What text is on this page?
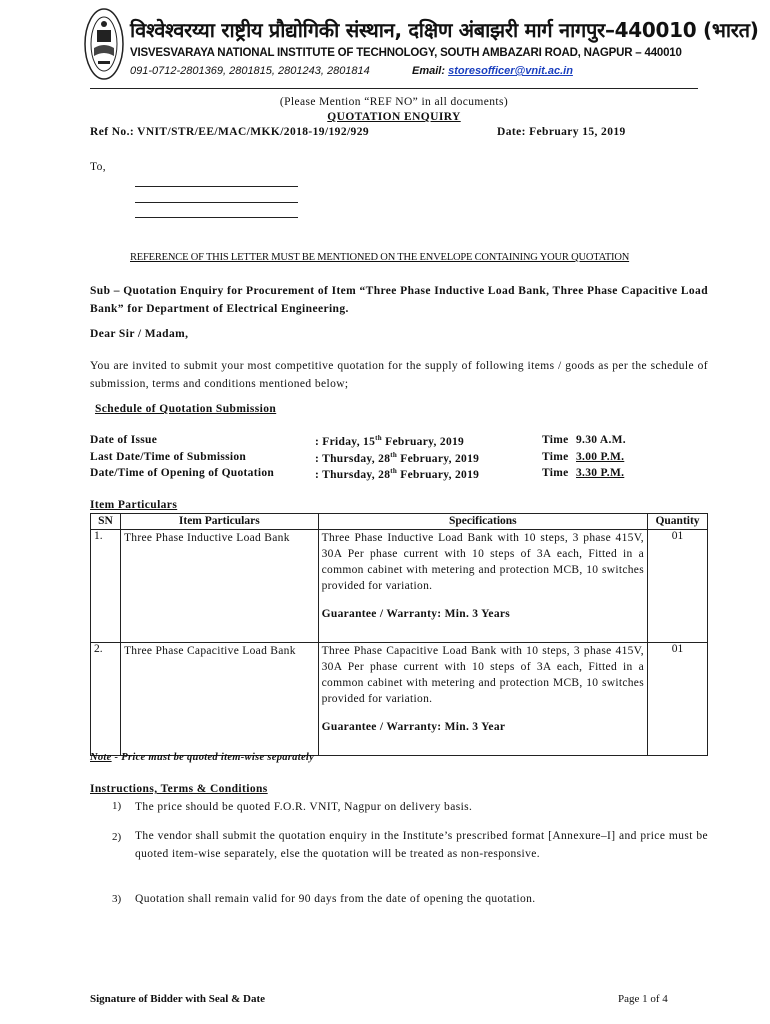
विश्वेश्वरय्या राष्ट्रीय प्रौद्योगिकी संस्थान, दक्षिण अंबाझरी मार्ग नागपुर–440010 (भारत)
VISVESVARAYA NATIONAL INSTITUTE OF TECHNOLOGY, SOUTH AMBAZARI ROAD, NAGPUR – 440010
091-0712-2801369, 2801815, 2801243, 2801814	Email: storesofficer@vnit.ac.in
(Please Mention “REF NO” in all documents)
QUOTATION ENQUIRY
Ref No.: VNIT/STR/EE/MAC/MKK/2018-19/192/929	Date: February 15, 2019
To,
REFERENCE OF THIS LETTER MUST BE MENTIONED ON THE ENVELOPE CONTAINING YOUR QUOTATION
Sub – Quotation Enquiry for Procurement of Item “Three Phase Inductive Load Bank, Three Phase Capacitive Load Bank” for Department of Electrical Engineering.
Dear Sir / Madam,
You are invited to submit your most competitive quotation for the supply of following items / goods as per the schedule of submission, terms and conditions mentioned below;
Schedule of Quotation Submission
Date of Issue	: Friday, 15th February, 2019	Time 9.30 A.M.
Last Date/Time of Submission	: Thursday, 28th February, 2019	Time 3.00 P.M.
Date/Time of Opening of Quotation	: Thursday, 28th February, 2019	Time 3.30 P.M.
Item Particulars
SN	Item Particulars	Specifications	Quantity
1.	Three Phase Inductive Load Bank	Three Phase Inductive Load Bank with 10 steps, 3 phase 415V, 30A Per phase current with 10 steps of 3A each, Fitted in a common cabinet with metering and protection MCB, 10 switches provided for variation.
Guarantee / Warranty: Min. 3 Years	01
2.	Three Phase Capacitive Load Bank	Three Phase Capacitive Load Bank with 10 steps, 3 phase 415V, 30A Per phase current with 10 steps of 3A each, Fitted in a common cabinet with metering and protection MCB, 10 switches provided for variation.
Guarantee / Warranty: Min. 3 Year	01
Note - Price must be quoted item-wise separately
Instructions, Terms & Conditions
1) The price should be quoted F.O.R. VNIT, Nagpur on delivery basis.
2) The vendor shall submit the quotation enquiry in the Institute’s prescribed format [Annexure–I] and price must be quoted item-wise separately, else the quotation will be treated as non-responsive.
3) Quotation shall remain valid for 90 days from the date of opening the quotation.
Signature of Bidder with Seal & Date	Page 1 of 4
